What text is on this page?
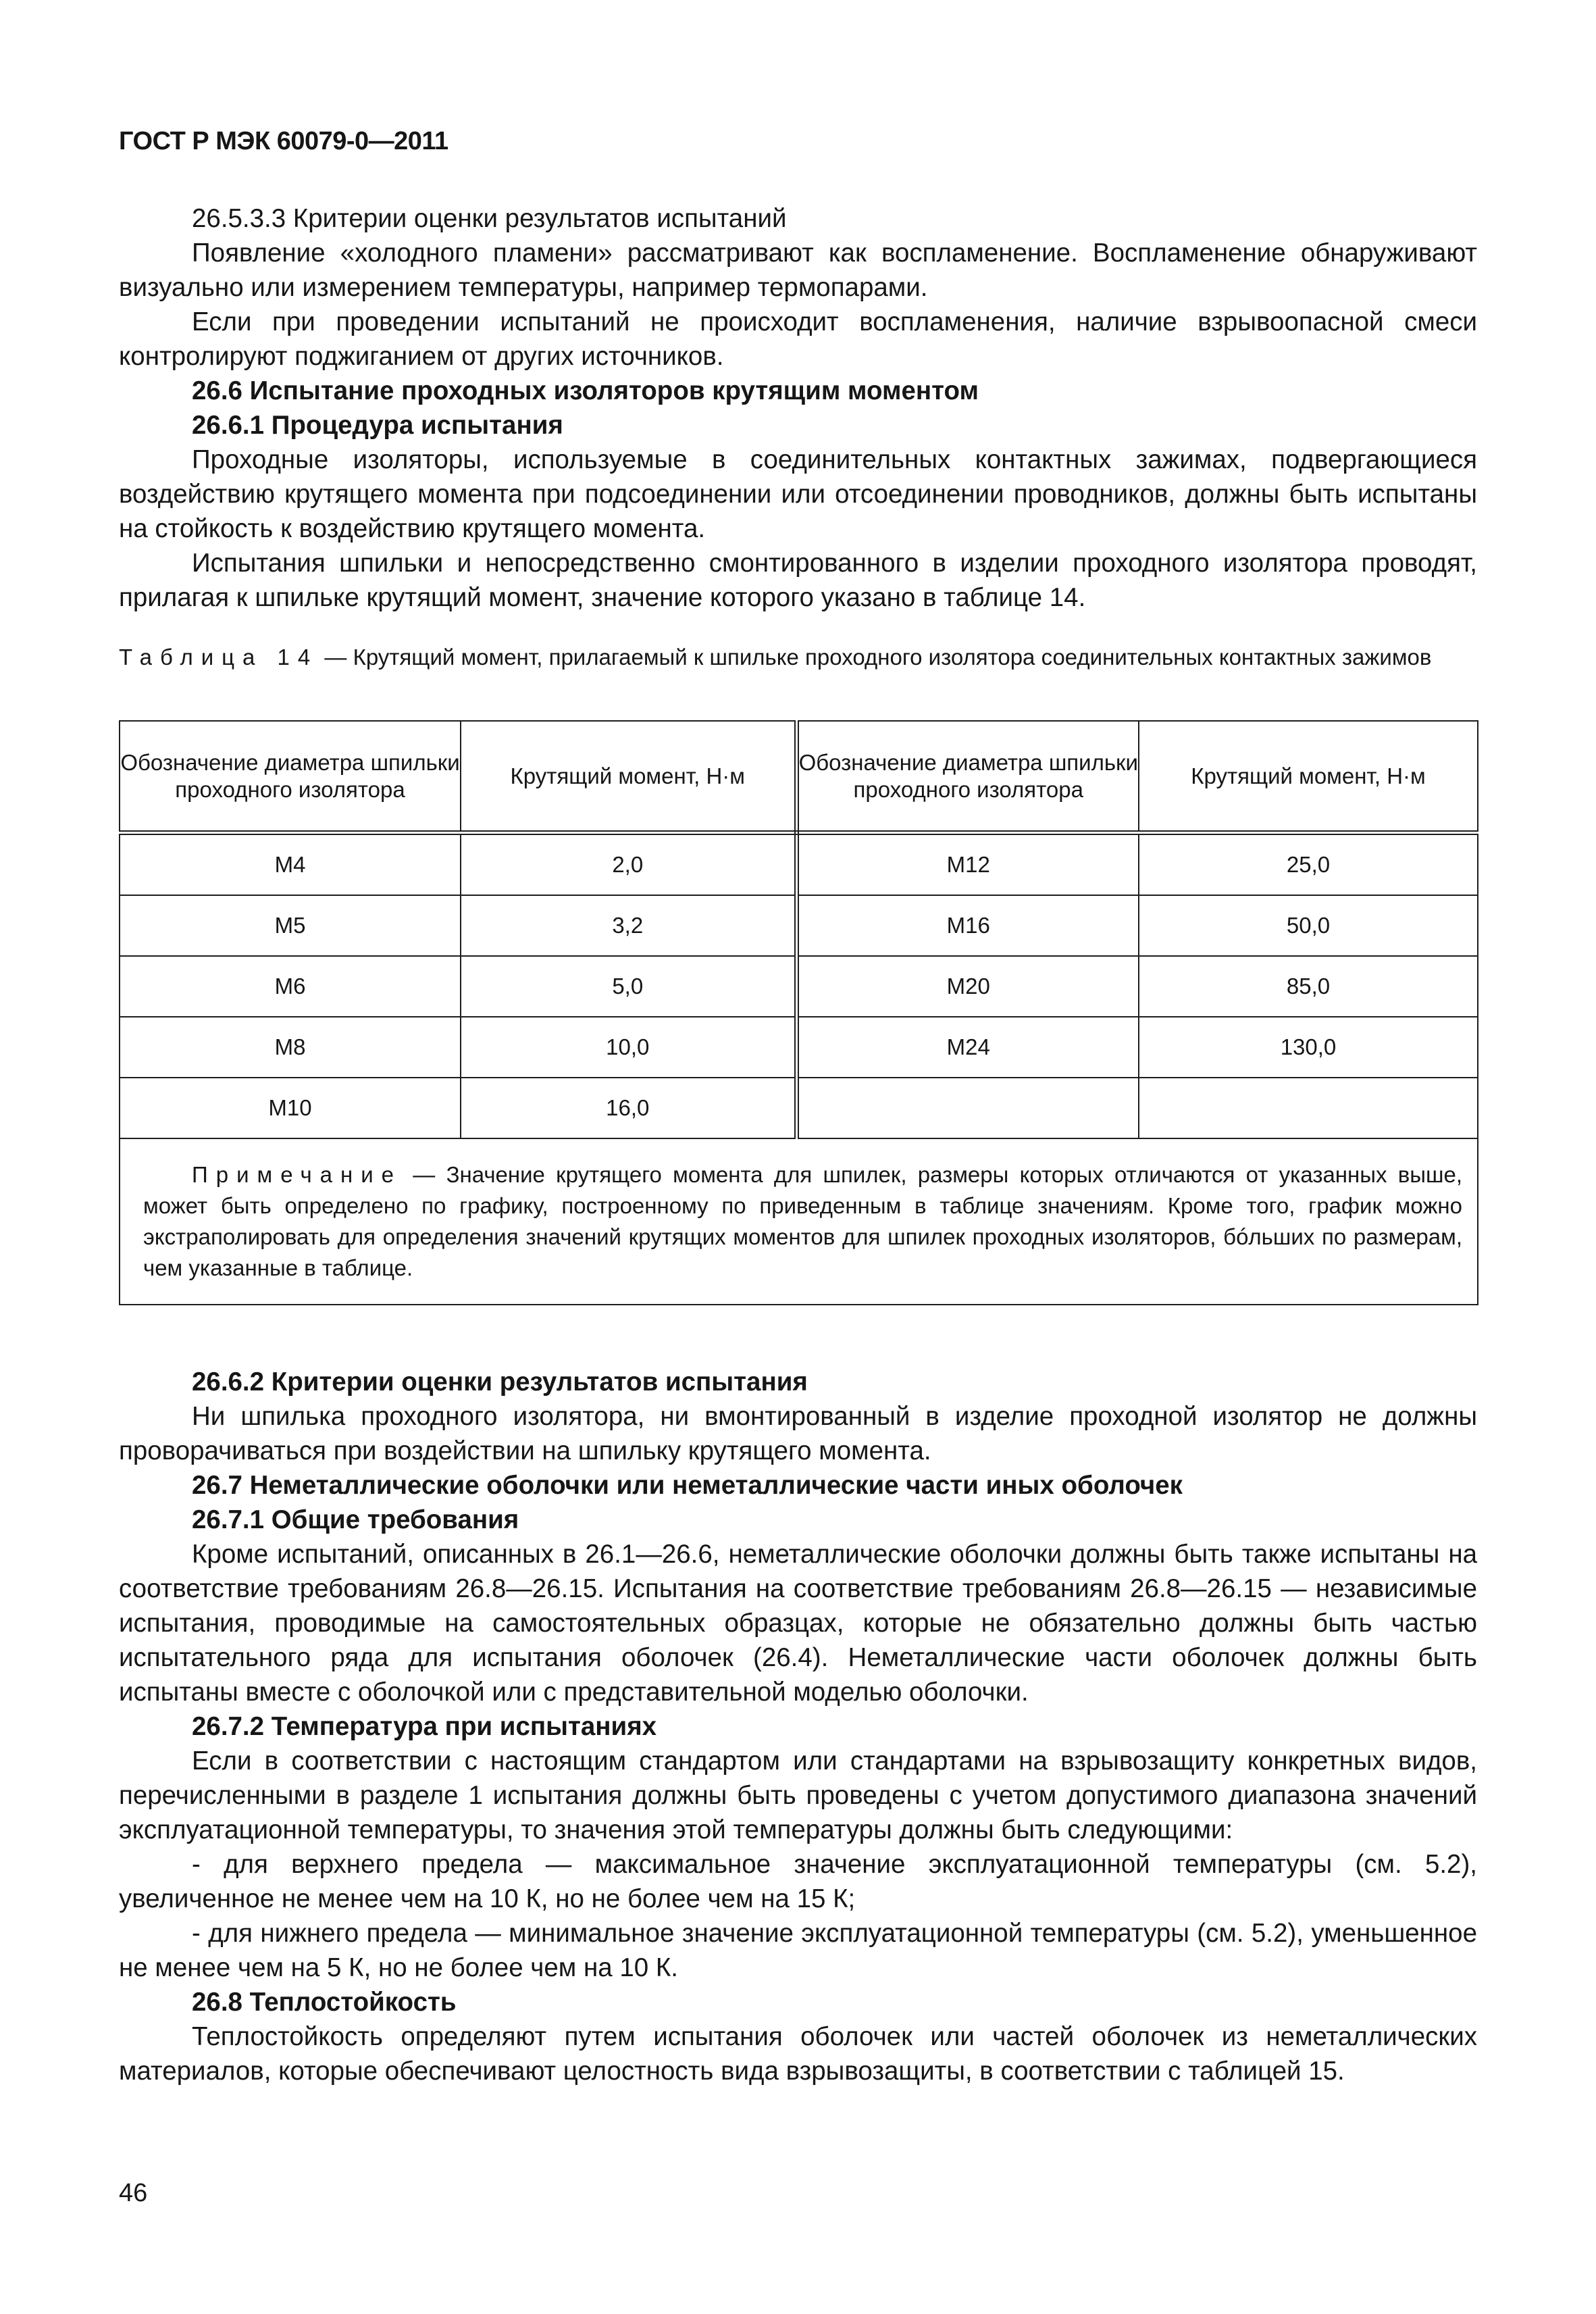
ГОСТ Р МЭК 60079-0—2011

26.5.3.3 Критерии оценки результатов испытаний

Появление «холодного пламени» рассматривают как воспламенение. Воспламенение обнаруживают визуально или измерением температуры, например термопарами.

Если при проведении испытаний не происходит воспламенения, наличие взрывоопасной смеси контролируют поджиганием от других источников.

26.6 Испытание проходных изоляторов крутящим моментом

26.6.1 Процедура испытания

Проходные изоляторы, используемые в соединительных контактных зажимах, подвергающиеся воздействию крутящего момента при подсоединении или отсоединении проводников, должны быть испытаны на стойкость к воздействию крутящего момента.

Испытания шпильки и непосредственно смонтированного в изделии проходного изолятора проводят, прилагая к шпильке крутящий момент, значение которого указано в таблице 14.

Таблица 14 — Крутящий момент, прилагаемый к шпильке проходного изолятора соединительных контактных зажимов
Обозначение диаметра шпильки проходного изолятора	Крутящий момент, Н·м	Обозначение диаметра шпильки проходного изолятора	Крутящий момент, Н·м
M4	2,0	M12	25,0
M5	3,2	M16	50,0
M6	5,0	M20	85,0
M8	10,0	M24	130,0
M10	16,0		
Примечание — Значение крутящего момента для шпилек, размеры которых отличаются от указанных выше, может быть определено по графику, построенному по приведенным в таблице значениям. Кроме того, график можно экстраполировать для определения значений крутящих моментов для шпилек проходных изоляторов, бóльших по размерам, чем указанные в таблице.			

26.6.2 Критерии оценки результатов испытания

Ни шпилька проходного изолятора, ни вмонтированный в изделие проходной изолятор не должны проворачиваться при воздействии на шпильку крутящего момента.

26.7 Неметаллические оболочки или неметаллические части иных оболочек

26.7.1 Общие требования

Кроме испытаний, описанных в 26.1—26.6, неметаллические оболочки должны быть также испытаны на соответствие требованиям 26.8—26.15. Испытания на соответствие требованиям 26.8—26.15 — независимые испытания, проводимые на самостоятельных образцах, которые не обязательно должны быть частью испытательного ряда для испытания оболочек (26.4). Неметаллические части оболочек должны быть испытаны вместе с оболочкой или с представительной моделью оболочки.

26.7.2 Температура при испытаниях

Если в соответствии с настоящим стандартом или стандартами на взрывозащиту конкретных видов, перечисленными в разделе 1 испытания должны быть проведены с учетом допустимого диапазона значений эксплуатационной температуры, то значения этой температуры должны быть следующими:

- для верхнего предела — максимальное значение эксплуатационной температуры (см. 5.2), увеличенное не менее чем на 10 К, но не более чем на 15 К;

- для нижнего предела — минимальное значение эксплуатационной температуры (см. 5.2), уменьшенное не менее чем на 5 К, но не более чем на 10 К.

26.8 Теплостойкость

Теплостойкость определяют путем испытания оболочек или частей оболочек из неметаллических материалов, которые обеспечивают целостность вида взрывозащиты, в соответствии с таблицей 15.

46
